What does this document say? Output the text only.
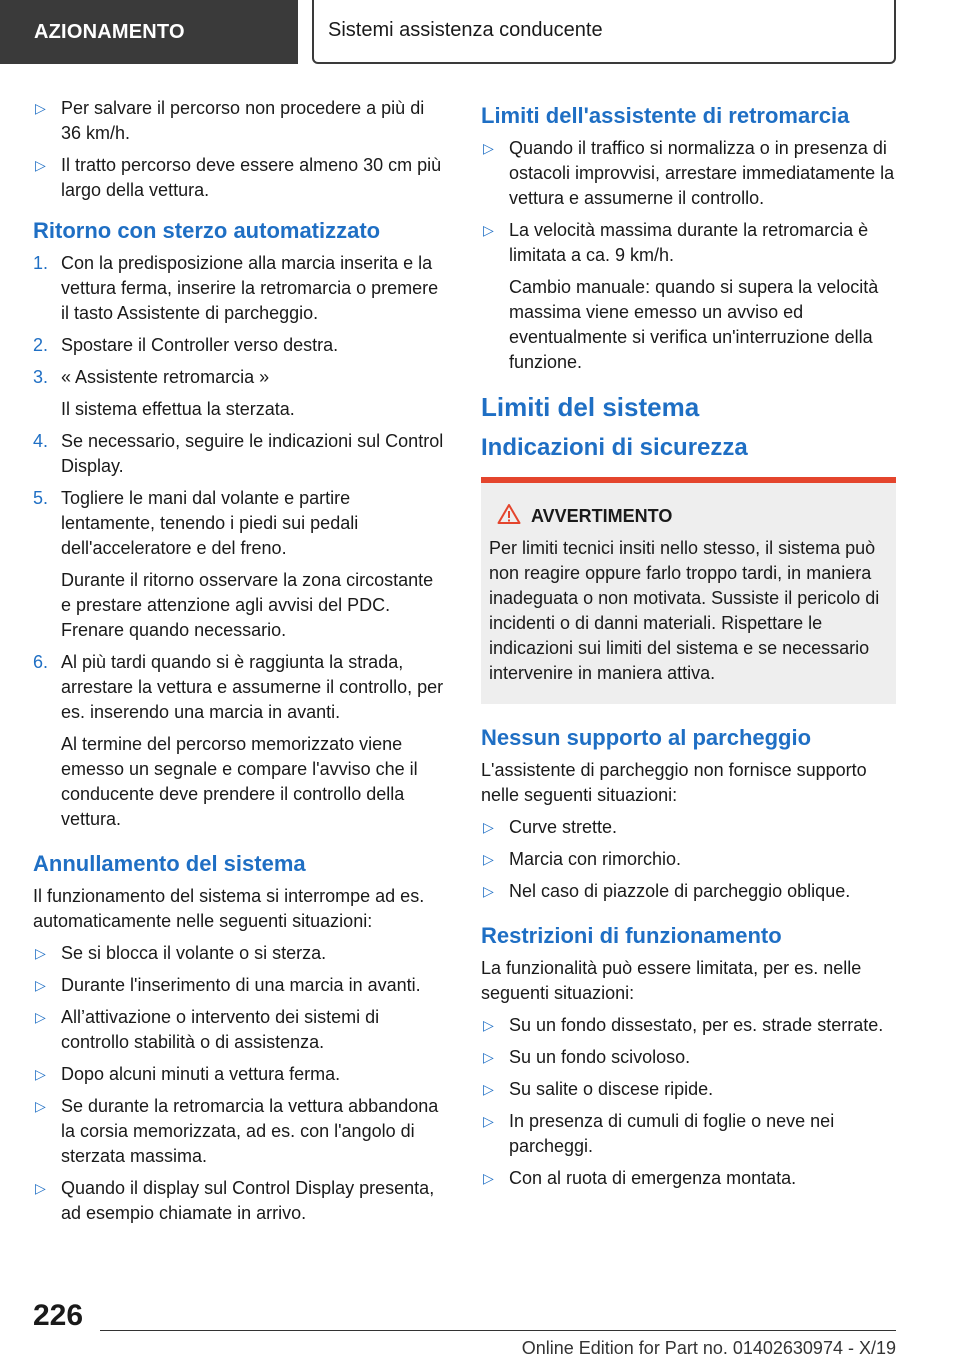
AZIONAMENTO	Sistemi assistenza conducente
▷ Per salvare il percorso non procedere a più di 36 km/h.
▷ Il tratto percorso deve essere almeno 30 cm più largo della vettura.
Ritorno con sterzo automatizzato
1. Con la predisposizione alla marcia inserita e la vettura ferma, inserire la retromarcia o premere il tasto Assistente di parcheggio.
2. Spostare il Controller verso destra.
3. « Assistente retromarcia »
Il sistema effettua la sterzata.
4. Se necessario, seguire le indicazioni sul Control Display.
5. Togliere le mani dal volante e partire lentamente, tenendo i piedi sui pedali dell'acceleratore e del freno.
Durante il ritorno osservare la zona circostante e prestare attenzione agli avvisi del PDC. Frenare quando necessario.
6. Al più tardi quando si è raggiunta la strada, arrestare la vettura e assumerne il controllo, per es. inserendo una marcia in avanti.
Al termine del percorso memorizzato viene emesso un segnale e compare l'avviso che il conducente deve prendere il controllo della vettura.
Annullamento del sistema
Il funzionamento del sistema si interrompe ad es. automaticamente nelle seguenti situazioni:
▷ Se si blocca il volante o si sterza.
▷ Durante l'inserimento di una marcia in avanti.
▷ All’attivazione o intervento dei sistemi di controllo stabilità o di assistenza.
▷ Dopo alcuni minuti a vettura ferma.
▷ Se durante la retromarcia la vettura abbandona la corsia memorizzata, ad es. con l'angolo di sterzata massima.
▷ Quando il display sul Control Display presenta, ad esempio chiamate in arrivo.
Limiti dell'assistente di retromarcia
▷ Quando il traffico si normalizza o in presenza di ostacoli improvvisi, arrestare immediatamente la vettura e assumerne il controllo.
▷ La velocità massima durante la retromarcia è limitata a ca. 9 km/h.
Cambio manuale: quando si supera la velocità massima viene emesso un avviso ed eventualmente si verifica un'interruzione della funzione.
Limiti del sistema
Indicazioni di sicurezza
AVVERTIMENTO
Per limiti tecnici insiti nello stesso, il sistema può non reagire oppure farlo troppo tardi, in maniera inadeguata o non motivata. Sussiste il pericolo di incidenti o di danni materiali. Rispettare le indicazioni sui limiti del sistema e se necessario intervenire in maniera attiva.
Nessun supporto al parcheggio
L'assistente di parcheggio non fornisce supporto nelle seguenti situazioni:
▷ Curve strette.
▷ Marcia con rimorchio.
▷ Nel caso di piazzole di parcheggio oblique.
Restrizioni di funzionamento
La funzionalità può essere limitata, per es. nelle seguenti situazioni:
▷ Su un fondo dissestato, per es. strade sterrate.
▷ Su un fondo scivoloso.
▷ Su salite o discese ripide.
▷ In presenza di cumuli di foglie o neve nei parcheggi.
▷ Con al ruota di emergenza montata.
226
Online Edition for Part no. 01402630974 - X/19
